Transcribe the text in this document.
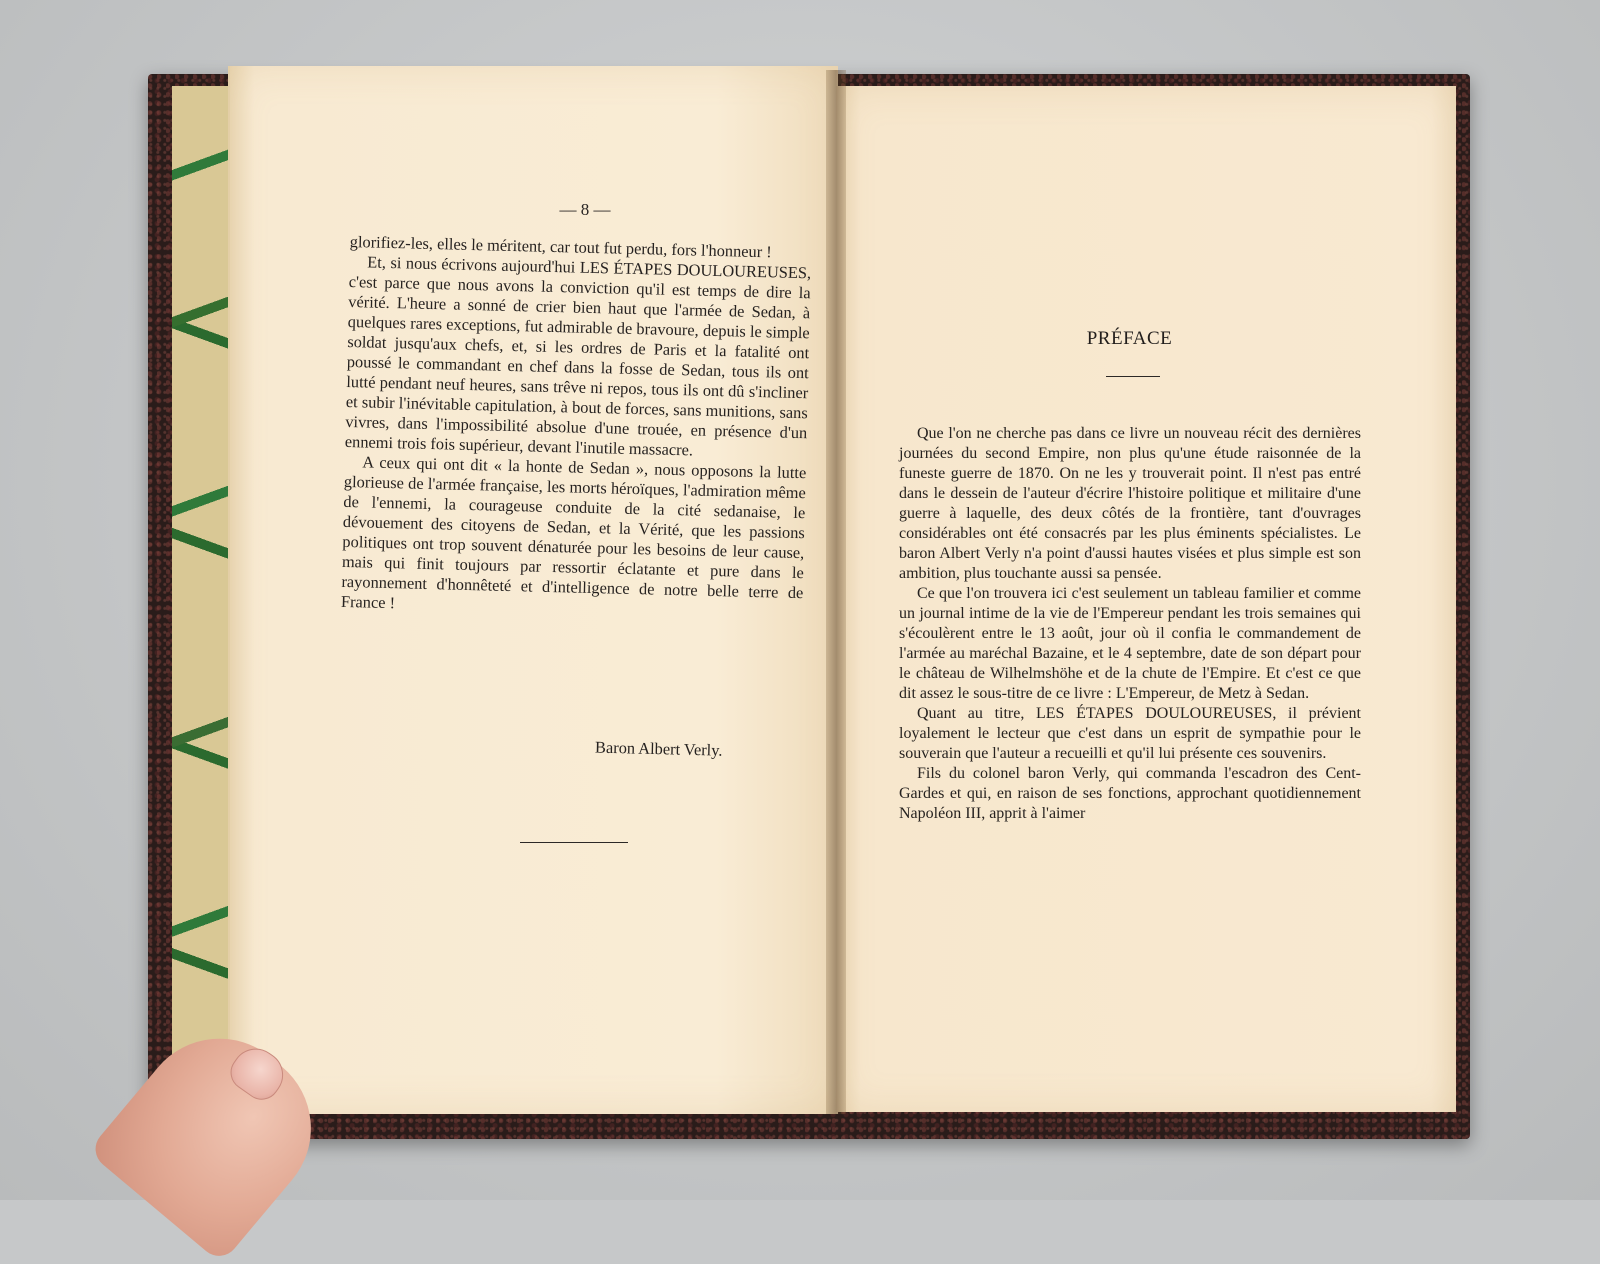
— 8 —

glorifiez-les, elles le méritent, car tout fut perdu, fors l'honneur !

Et, si nous écrivons aujourd'hui LES ÉTAPES DOULOUREUSES, c'est parce que nous avons la conviction qu'il est temps de dire la vérité. L'heure a sonné de crier bien haut que l'armée de Sedan, à quelques rares exceptions, fut admirable de bravoure, depuis le simple soldat jusqu'aux chefs, et, si les ordres de Paris et la fatalité ont poussé le commandant en chef dans la fosse de Sedan, tous ils ont lutté pendant neuf heures, sans trêve ni repos, tous ils ont dû s'incliner et subir l'inévitable capitulation, à bout de forces, sans munitions, sans vivres, dans l'impossibilité absolue d'une trouée, en présence d'un ennemi trois fois supérieur, devant l'inutile massacre.

A ceux qui ont dit « la honte de Sedan », nous opposons la lutte glorieuse de l'armée française, les morts héroïques, l'admiration même de l'ennemi, la courageuse conduite de la cité sedanaise, le dévouement des citoyens de Sedan, et la Vérité, que les passions politiques ont trop souvent dénaturée pour les besoins de leur cause, mais qui finit toujours par ressortir éclatante et pure dans le rayonnement d'honnêteté et d'intelligence de notre belle terre de France !

Baron Albert Verly.
PRÉFACE

Que l'on ne cherche pas dans ce livre un nouveau récit des dernières journées du second Empire, non plus qu'une étude raisonnée de la funeste guerre de 1870. On ne les y trouverait point. Il n'est pas entré dans le dessein de l'auteur d'écrire l'histoire politique et militaire d'une guerre à laquelle, des deux côtés de la frontière, tant d'ouvrages considérables ont été consacrés par les plus éminents spécialistes. Le baron Albert Verly n'a point d'aussi hautes visées et plus simple est son ambition, plus touchante aussi sa pensée.

Ce que l'on trouvera ici c'est seulement un tableau familier et comme un journal intime de la vie de l'Empereur pendant les trois semaines qui s'écoulèrent entre le 13 août, jour où il confia le commandement de l'armée au maréchal Bazaine, et le 4 septembre, date de son départ pour le château de Wilhelmshöhe et de la chute de l'Empire. Et c'est ce que dit assez le sous-titre de ce livre : L'Empereur, de Metz à Sedan.

Quant au titre, LES ÉTAPES DOULOUREUSES, il prévient loyalement le lecteur que c'est dans un esprit de sympathie pour le souverain que l'auteur a recueilli et qu'il lui présente ces souvenirs.

Fils du colonel baron Verly, qui commanda l'escadron des Cent-Gardes et qui, en raison de ses fonctions, approchant quotidiennement Napoléon III, apprit à l'aimer
